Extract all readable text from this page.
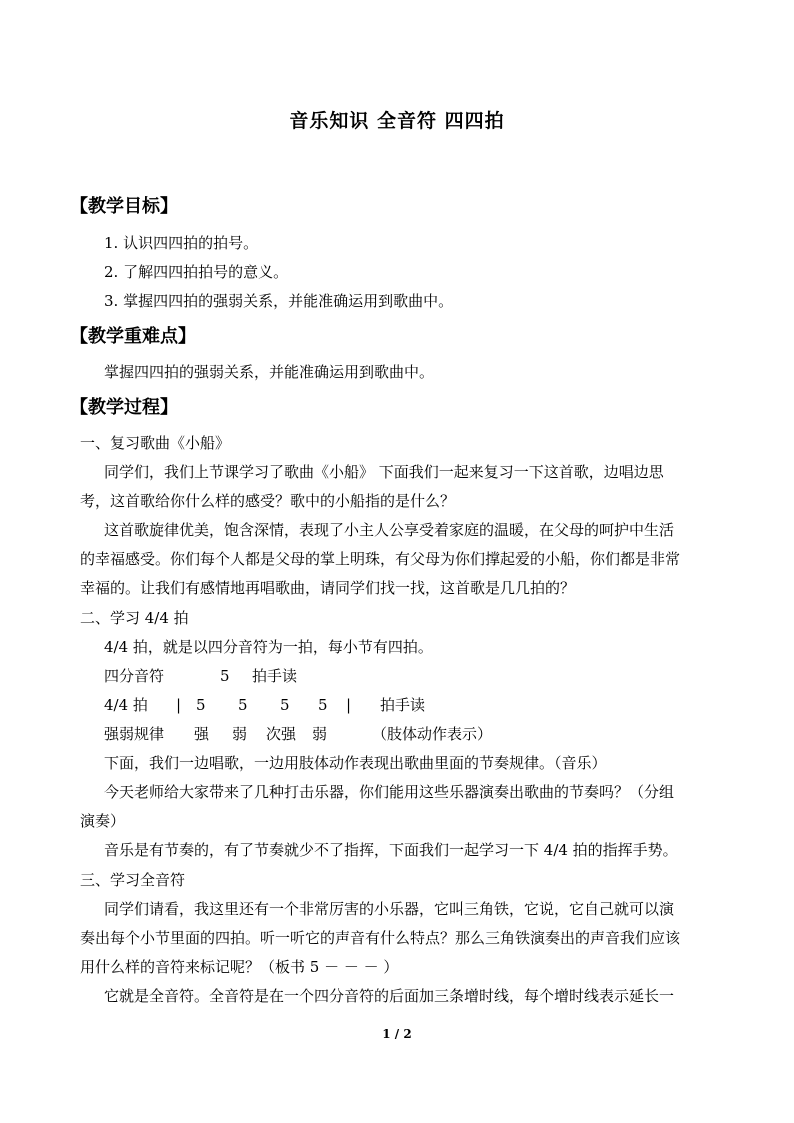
音乐知识 全音符 四四拍
【教学目标】
1. 认识四四拍的拍号。
2. 了解四四拍拍号的意义。
3. 掌握四四拍的强弱关系，并能准确运用到歌曲中。
【教学重难点】
掌握四四拍的强弱关系，并能准确运用到歌曲中。
【教学过程】
一、复习歌曲《小船》
同学们，我们上节课学习了歌曲《小船》 下面我们一起来复习一下这首歌，边唱边思
考，这首歌给你什么样的感受？歌中的小船指的是什么？
这首歌旋律优美，饱含深情，表现了小主人公享受着家庭的温暖，在父母的呵护中生活
的幸福感受。你们每个人都是父母的掌上明珠，有父母为你们撑起爱的小船，你们都是非常
幸福的。让我们有感情地再唱歌曲，请同学们找一找，这首歌是几几拍的？
二、学习 4/4 拍
4/4 拍，就是以四分音符为一拍，每小节有四拍。
四分音符	5 拍手读
4/4 拍 | 5 5 5 5 | 拍手读
强弱规律 强 弱 次强 弱	（肢体动作表示）
下面，我们一边唱歌，一边用肢体动作表现出歌曲里面的节奏规律。（音乐）
今天老师给大家带来了几种打击乐器，你们能用这些乐器演奏出歌曲的节奏吗？（分组
演奏）
音乐是有节奏的，有了节奏就少不了指挥，下面我们一起学习一下 4/4 拍的指挥手势。
三、学习全音符
同学们请看，我这里还有一个非常厉害的小乐器，它叫三角铁，它说，它自己就可以演
奏出每个小节里面的四拍。听一听它的声音有什么特点？那么三角铁演奏出的声音我们应该
用什么样的音符来标记呢？（板书 5 － － － ）
它就是全音符。全音符是在一个四分音符的后面加三条增时线，每个增时线表示延长一
1 / 2
